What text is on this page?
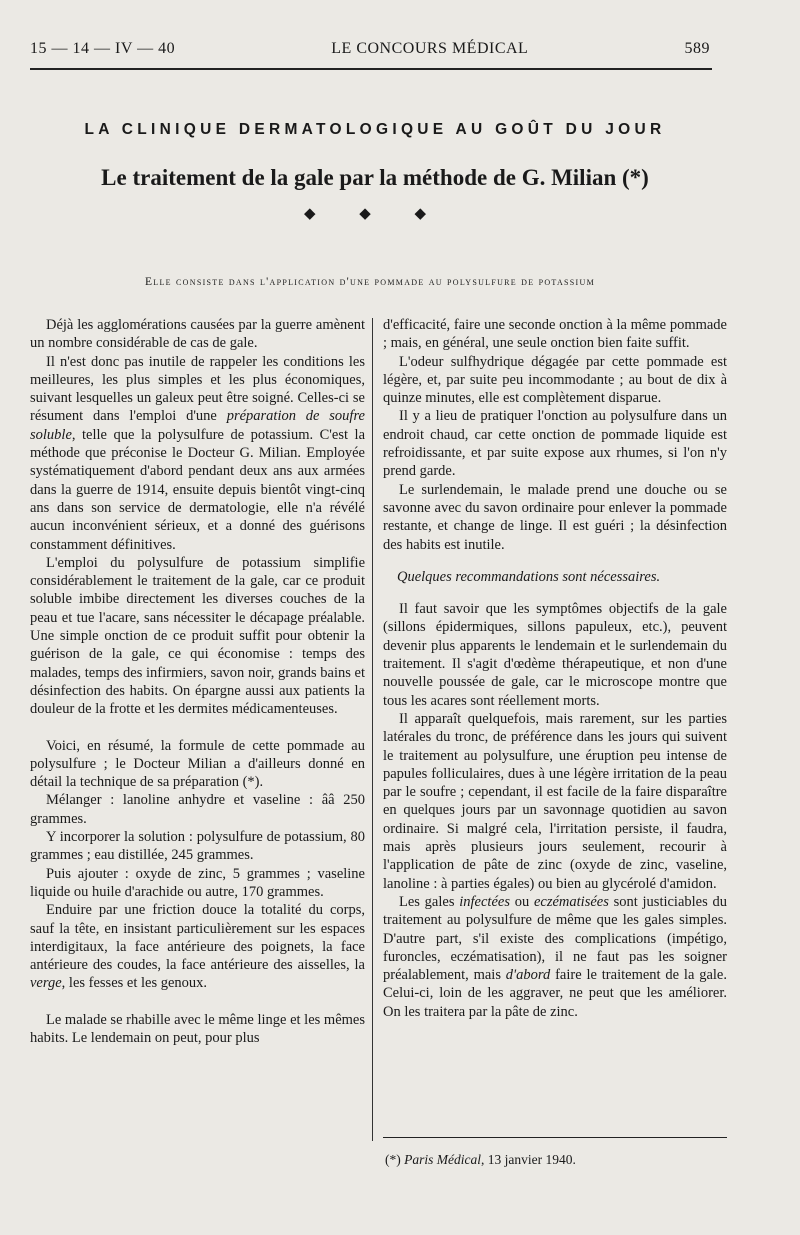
15 — 14 — IV — 40	LE CONCOURS MÉDICAL	589
LA CLINIQUE DERMATOLOGIQUE AU GOÛT DU JOUR
Le traitement de la gale par la méthode de G. Milian (*)
◆ ◆ ◆
Elle consiste dans l'application d'une pommade au polysulfure de potassium

Déjà les agglomérations causées par la guerre amènent un nombre considérable de cas de gale.

Il n'est donc pas inutile de rappeler les conditions les meilleures, les plus simples et les plus économiques, suivant lesquelles un galeux peut être soigné. Celles-ci se résument dans l'emploi d'une préparation de soufre soluble, telle que la polysulfure de potassium. C'est la méthode que préconise le Docteur G. Milian. Employée systématiquement d'abord pendant deux ans aux armées dans la guerre de 1914, ensuite depuis bientôt vingt-cinq ans dans son service de dermatologie, elle n'a révélé aucun inconvénient sérieux, et a donné des guérisons constamment définitives.

L'emploi du polysulfure de potassium simplifie considérablement le traitement de la gale, car ce produit soluble imbibe directement les diverses couches de la peau et tue l'acare, sans nécessiter le décapage préalable. Une simple onction de ce produit suffit pour obtenir la guérison de la gale, ce qui économise : temps des malades, temps des infirmiers, savon noir, grands bains et désinfection des habits. On épargne aussi aux patients la douleur de la frotte et les dermites médicamenteuses.

Voici, en résumé, la formule de cette pommade au polysulfure ; le Docteur Milian a d'ailleurs donné en détail la technique de sa préparation (*).

Mélanger : lanoline anhydre et vaseline : ââ 250 grammes.

Y incorporer la solution : polysulfure de potassium, 80 grammes ; eau distillée, 245 grammes.

Puis ajouter : oxyde de zinc, 5 grammes ; vaseline liquide ou huile d'arachide ou autre, 170 grammes.

Enduire par une friction douce la totalité du corps, sauf la tête, en insistant particulièrement sur les espaces interdigitaux, la face antérieure des poignets, la face antérieure des coudes, la face antérieure des aisselles, la verge, les fesses et les genoux.

Le malade se rhabille avec le même linge et les mêmes habits. Le lendemain on peut, pour plus

d'efficacité, faire une seconde onction à la même pommade ; mais, en général, une seule onction bien faite suffit.

L'odeur sulfhydrique dégagée par cette pommade est légère, et, par suite peu incommodante ; au bout de dix à quinze minutes, elle est complètement disparue.

Il y a lieu de pratiquer l'onction au polysulfure dans un endroit chaud, car cette onction de pommade liquide est refroidissante, et par suite expose aux rhumes, si l'on n'y prend garde.

Le surlendemain, le malade prend une douche ou se savonne avec du savon ordinaire pour enlever la pommade restante, et change de linge. Il est guéri ; la désinfection des habits est inutile.

Quelques recommandations sont nécessaires.

Il faut savoir que les symptômes objectifs de la gale (sillons épidermiques, sillons papuleux, etc.), peuvent devenir plus apparents le lendemain et le surlendemain du traitement. Il s'agit d'œdème thérapeutique, et non d'une nouvelle poussée de gale, car le microscope montre que tous les acares sont réellement morts.

Il apparaît quelquefois, mais rarement, sur les parties latérales du tronc, de préférence dans les jours qui suivent le traitement au polysulfure, une éruption peu intense de papules folliculaires, dues à une légère irritation de la peau par le soufre ; cependant, il est facile de la faire disparaître en quelques jours par un savonnage quotidien au savon ordinaire. Si malgré cela, l'irritation persiste, il faudra, mais après plusieurs jours seulement, recourir à l'application de pâte de zinc (oxyde de zinc, vaseline, lanoline : à parties égales) ou bien au glycérolé d'amidon.

Les gales infectées ou eczématisées sont justiciables du traitement au polysulfure de même que les gales simples. D'autre part, s'il existe des complications (impétigo, furoncles, eczématisation), il ne faut pas les soigner préalablement, mais d'abord faire le traitement de la gale. Celui-ci, loin de les aggraver, ne peut que les améliorer. On les traitera par la pâte de zinc.

(*) Paris Médical, 13 janvier 1940.
